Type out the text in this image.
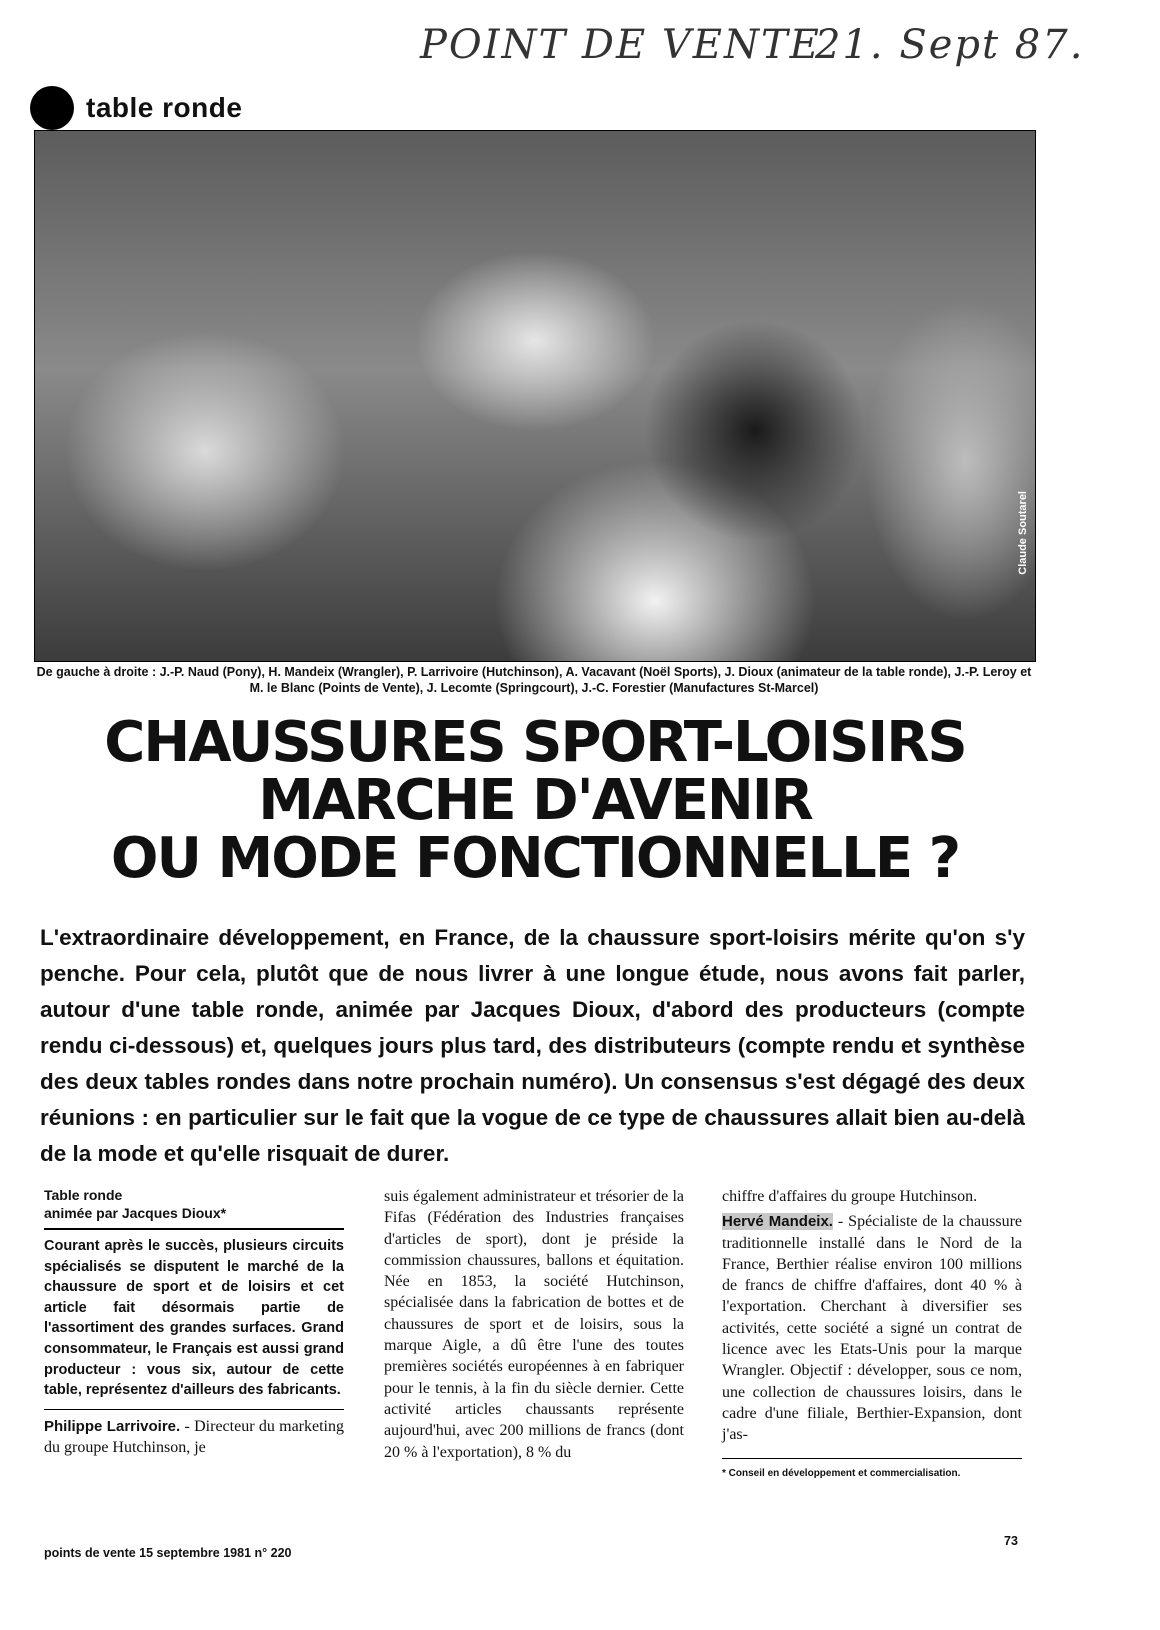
POINT DE VENTE
21. Sept 87.
table ronde
Claude Soutarel
De gauche à droite : J.-P. Naud (Pony), H. Mandeix (Wrangler), P. Larrivoire (Hutchinson), A. Vacavant (Noël Sports), J. Dioux (animateur de la table ronde), J.-P. Leroy et M. le Blanc (Points de Vente), J. Lecomte (Springcourt), J.-C. Forestier (Manufactures St-Marcel)
CHAUSSURES SPORT-LOISIRS
MARCHE D'AVENIR
OU MODE FONCTIONNELLE ?
L'extraordinaire développement, en France, de la chaussure sport-loisirs mérite qu'on s'y penche. Pour cela, plutôt que de nous livrer à une longue étude, nous avons fait parler, autour d'une table ronde, animée par Jacques Dioux, d'abord des producteurs (compte rendu ci-dessous) et, quelques jours plus tard, des distributeurs (compte rendu et synthèse des deux tables rondes dans notre prochain numéro). Un consensus s'est dégagé des deux réunions : en particulier sur le fait que la vogue de ce type de chaussures allait bien au-delà de la mode et qu'elle risquait de durer.
Table ronde
animée par Jacques Dioux*
Courant après le succès, plusieurs circuits spécialisés se disputent le marché de la chaussure de sport et de loisirs et cet article fait désormais partie de l'assortiment des grandes surfaces. Grand consommateur, le Français est aussi grand producteur : vous six, autour de cette table, représentez d'ailleurs des fabricants.
Philippe Larrivoire. - Directeur du marketing du groupe Hutchinson, je
suis également administrateur et trésorier de la Fifas (Fédération des Industries françaises d'articles de sport), dont je préside la commission chaussures, ballons et équitation. Née en 1853, la société Hutchinson, spécialisée dans la fabrication de bottes et de chaussures de sport et de loisirs, sous la marque Aigle, a dû être l'une des toutes premières sociétés européennes à en fabriquer pour le tennis, à la fin du siècle dernier. Cette activité articles chaussants représente aujourd'hui, avec 200 millions de francs (dont 20 % à l'exportation), 8 % du
chiffre d'affaires du groupe Hutchinson.
Hervé Mandeix. - Spécialiste de la chaussure traditionnelle installé dans le Nord de la France, Berthier réalise environ 100 millions de francs de chiffre d'affaires, dont 40 % à l'exportation. Cherchant à diversifier ses activités, cette société a signé un contrat de licence avec les Etats-Unis pour la marque Wrangler. Objectif : développer, sous ce nom, une collection de chaussures loisirs, dans le cadre d'une filiale, Berthier-Expansion, dont j'as-
* Conseil en développement et commercialisation.
points de vente 15 septembre 1981 n° 220
73
